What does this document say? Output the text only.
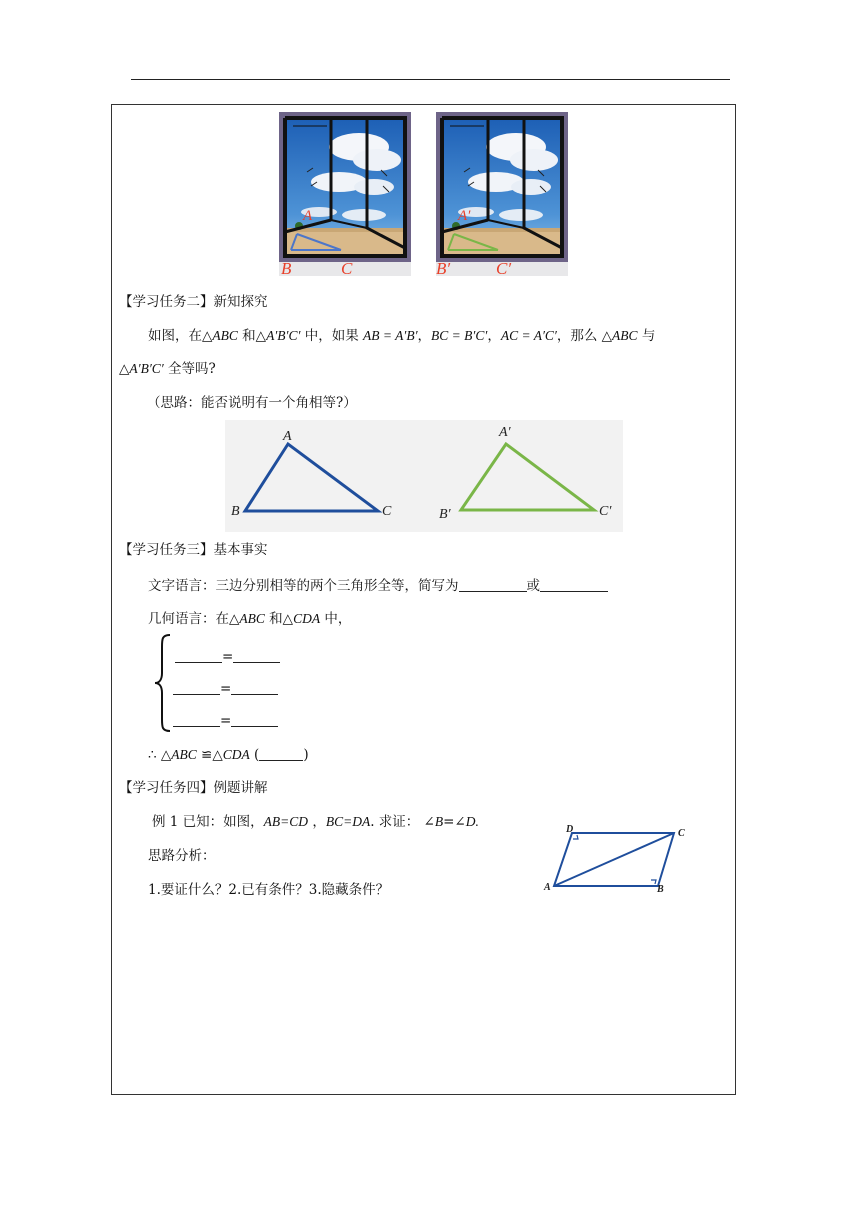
A
B	C
A′
B′	C′
【学习任务二】新知探究
如图，在△ABC 和△A′B′C′ 中，如果 AB = A′B′，BC = B′C′，AC = A′C′，那么 △ABC 与
△A′B′C′ 全等吗?
（思路：能否说明有一个角相等?）
A
B	C
A′
B′	C′
【学习任务三】基本事实
文字语言：三边分别相等的两个三角形全等，简写为	或
几何语言：在△ABC 和△CDA 中，
=
=
=
∴ △ABC ≌△CDA (	)
【学习任务四】例题讲解
例 1 已知：如图，AB=CD ，BC=DA. 求证： ∠B=∠D.
思路分析：
1.要证什么？2.已有条件？3.隐藏条件？	A	B
C
D
